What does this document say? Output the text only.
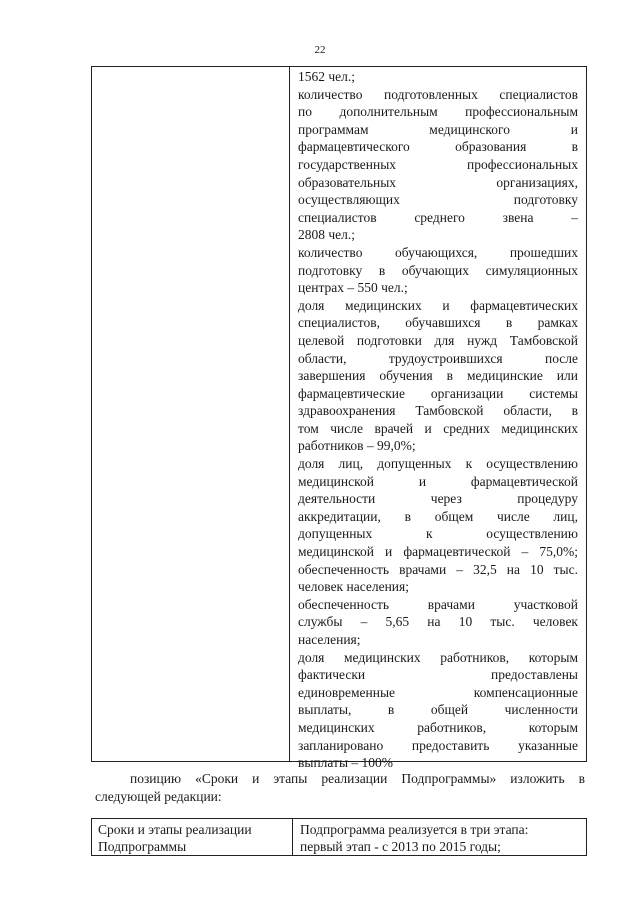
22
1562 чел.;
количество подготовленных специалистов
по дополнительным профессиональным
программам медицинского и
фармацевтического образования в
государственных профессиональных
образовательных организациях,
осуществляющих подготовку
специалистов среднего звена –
2808 чел.;
количество обучающихся, прошедших
подготовку в обучающих симуляционных
центрах – 550 чел.;
доля медицинских и фармацевтических
специалистов, обучавшихся в рамках
целевой подготовки для нужд Тамбовской
области, трудоустроившихся после
завершения обучения в медицинские или
фармацевтические организации системы
здравоохранения Тамбовской области, в
том числе врачей и средних медицинских
работников – 99,0%;
доля лиц, допущенных к осуществлению
медицинской и фармацевтической
деятельности через процедуру
аккредитации, в общем числе лиц,
допущенных к осуществлению
медицинской и фармацевтической – 75,0%;
обеспеченность врачами – 32,5 на 10 тыс.
человек населения;
обеспеченность врачами участковой
службы – 5,65 на 10 тыс. человек
населения;
доля медицинских работников, которым
фактически предоставлены
единовременные компенсационные
выплаты, в общей численности
медицинских работников, которым
запланировано предоставить указанные
выплаты – 100%
позицию «Сроки и этапы реализации Подпрограммы» изложить в
следующей редакции:
Сроки и этапы реализации
Подпрограммы
Подпрограмма реализуется в три этапа:
первый этап - с 2013 по 2015 годы;
